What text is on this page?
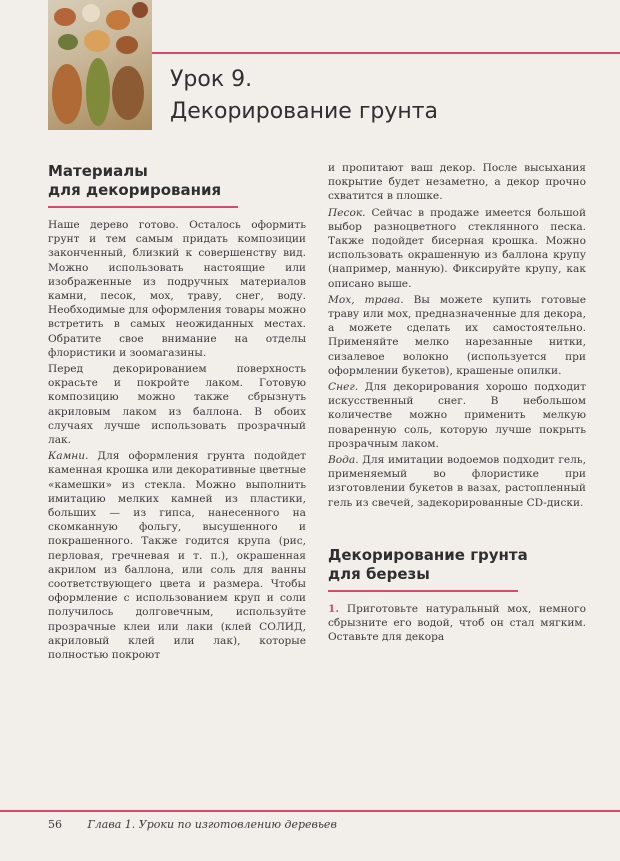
Урок 9.
Декорирование грунта
Материалы
для декорирования

Наше дерево готово. Осталось оформить грунт и тем самым придать композиции законченный, близкий к совершенству вид. Можно использовать настоящие или изображенные из подручных материалов камни, песок, мох, траву, снег, воду. Необходимые для оформления товары можно встретить в самых неожиданных местах. Обратите свое внимание на отделы флористики и зоомагазины.

Перед декорированием поверхность окрасьте и покройте лаком. Готовую композицию можно также сбрызнуть акриловым лаком из баллона. В обоих случаях лучше использовать прозрачный лак.

Камни. Для оформления грунта подойдет каменная крошка или декоративные цветные «камешки» из стекла. Можно выполнить имитацию мелких камней из пластики, больших — из гипса, нанесенного на скомканную фольгу, высушенного и покрашенного. Также годится крупа (рис, перловая, гречневая и т. п.), окрашенная акрилом из баллона, или соль для ванны соответствующего цвета и размера. Чтобы оформление с использованием круп и соли получилось долговечным, используйте прозрачные клеи или лаки (клей СОЛИД, акриловый клей или лак), которые полностью покроют

и пропитают ваш декор. После высыхания покрытие будет незаметно, а декор прочно схватится в плошке.

Песок. Сейчас в продаже имеется большой выбор разноцветного стеклянного песка. Также подойдет бисерная крошка. Можно использовать окрашенную из баллона крупу (например, манную). Фиксируйте крупу, как описано выше.

Мох, трава. Вы можете купить готовые траву или мох, предназначенные для декора, а можете сделать их самостоятельно. Применяйте мелко нарезанные нитки, сизалевое волокно (используется при оформлении букетов), крашеные опилки.

Снег. Для декорирования хорошо подходит искусственный снег. В небольшом количестве можно применить мелкую поваренную соль, которую лучше покрыть прозрачным лаком.

Вода. Для имитации водоемов подходит гель, применяемый во флористике при изготовлении букетов в вазах, растопленный гель из свечей, задекорированные CD-диски.

Декорирование грунта
для березы

1. Приготовьте натуральный мох, немного сбрызните его водой, чтоб он стал мягким. Оставьте для декора

56 Глава 1. Уроки по изготовлению деревьев
